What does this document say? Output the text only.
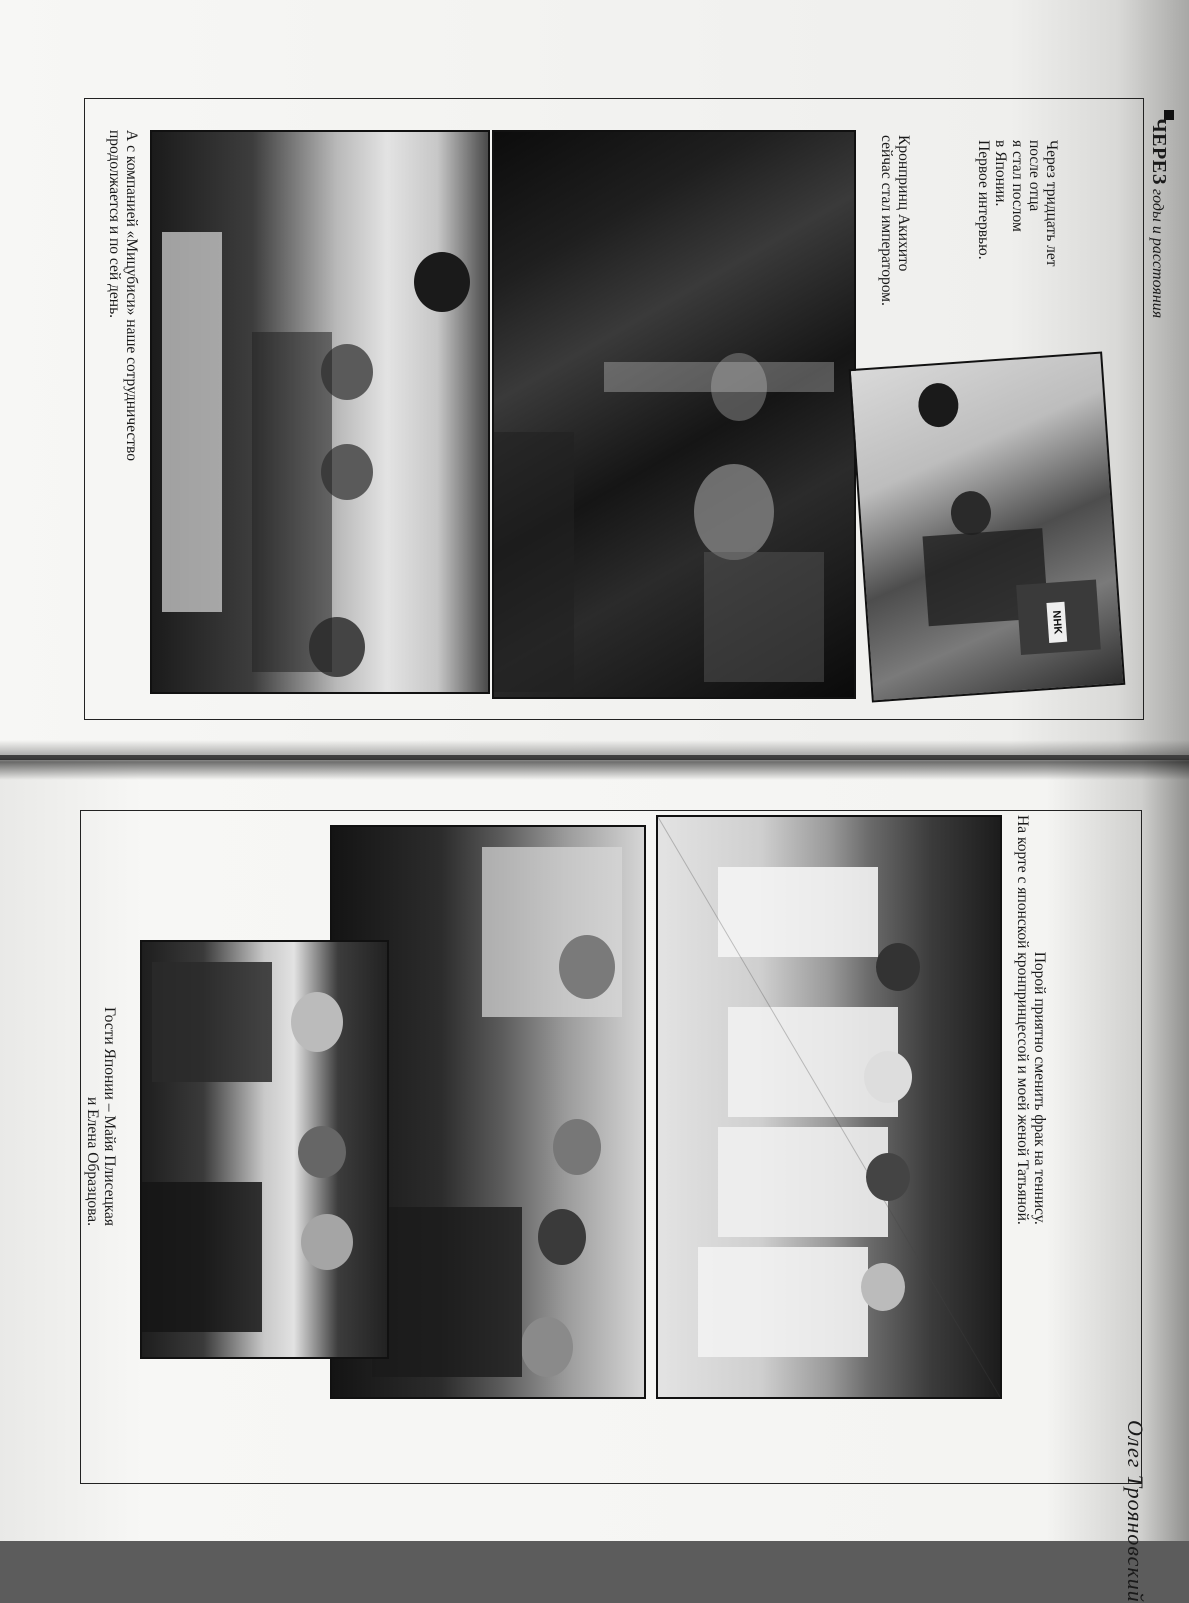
ЧЕРЕЗ годы и расстояния
Через тридцать лет
после отца
я стал послом
в Японии.
Первое интервью.
Кронпринц Акихито
сейчас стал императором.
NHK
А с компанией «Мицубиси» наше сотрудничество
продолжается и по сей день.
Олег Трояновский
Порой приятно сменить фрак на теннису.
На корте с японской кронпринцессой и моей женой Татьяной.
Гости Японии – Майя Плисецкая
и Елена Образцова.
